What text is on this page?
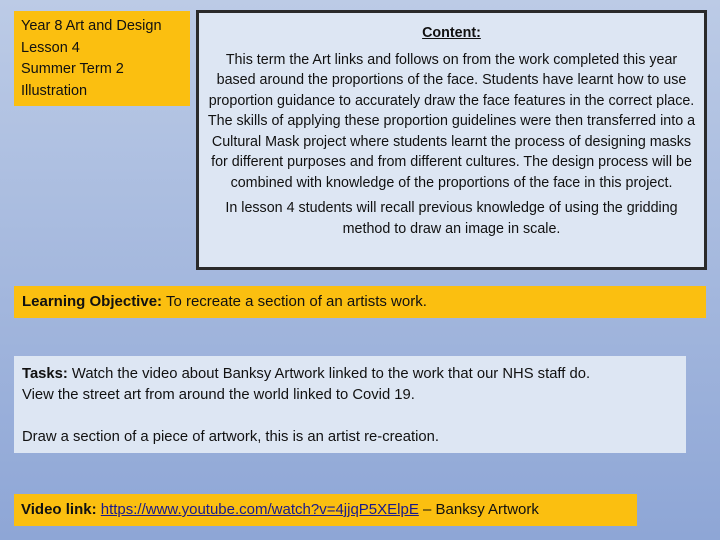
Year 8 Art and Design
Lesson 4
Summer Term 2
Illustration
Content:

This term the Art links and follows on from the work completed this year based around the proportions of the face. Students have learnt how to use proportion guidance to accurately draw the face features in the correct place. The skills of applying these proportion guidelines were then transferred into a Cultural Mask project where students learnt the process of designing masks for different purposes and from different cultures. The design process will be combined with knowledge of the proportions of the face in this project.

In lesson 4 students will recall previous knowledge of using the gridding method to draw an image in scale.

Learning Objective: To recreate a section of an artists work.
Tasks: Watch the video about Banksy Artwork linked to the work that our NHS staff do.
View the street art from around the world linked to Covid 19.
Draw a section of a piece of artwork, this is an artist re-creation.
Video link: https://www.youtube.com/watch?v=4jjqP5XElpE – Banksy Artwork
